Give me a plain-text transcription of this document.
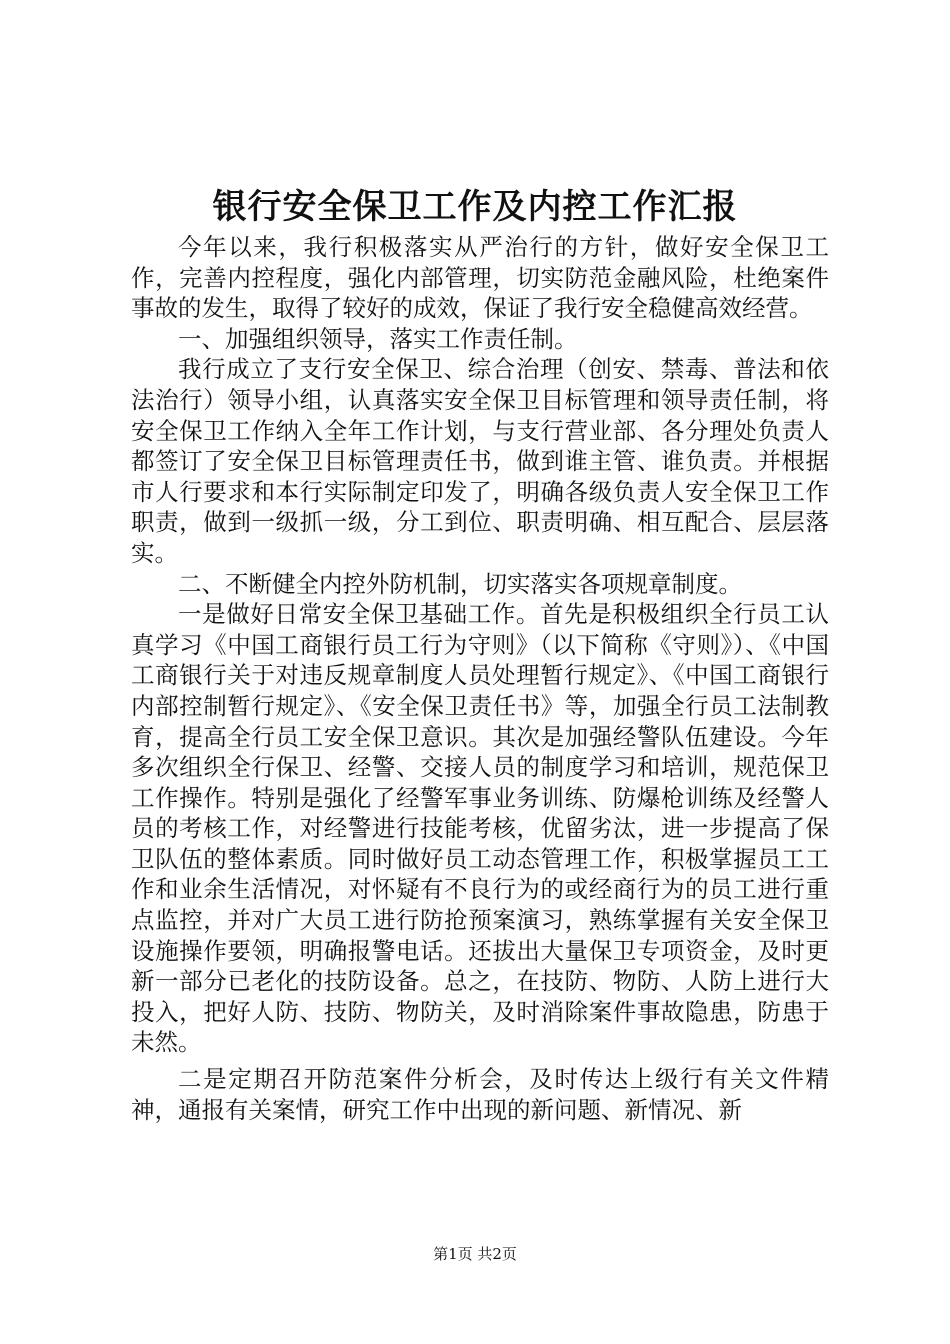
银行安全保卫工作及内控工作汇报

今年以来，我行积极落实从严治行的方针，做好安全保卫工作，完善内控程度，强化内部管理，切实防范金融风险，杜绝案件事故的发生，取得了较好的成效，保证了我行安全稳健高效经营。

一、加强组织领导，落实工作责任制。

我行成立了支行安全保卫、综合治理（创安、禁毒、普法和依法治行）领导小组，认真落实安全保卫目标管理和领导责任制，将安全保卫工作纳入全年工作计划，与支行营业部、各分理处负责人都签订了安全保卫目标管理责任书，做到谁主管、谁负责。并根据市人行要求和本行实际制定印发了，明确各级负责人安全保卫工作职责，做到一级抓一级，分工到位、职责明确、相互配合、层层落实。

二、不断健全内控外防机制，切实落实各项规章制度。

一是做好日常安全保卫基础工作。首先是积极组织全行员工认真学习《中国工商银行员工行为守则》（以下简称《守则》）、《中国工商银行关于对违反规章制度人员处理暂行规定》、《中国工商银行内部控制暂行规定》、《安全保卫责任书》等，加强全行员工法制教育，提高全行员工安全保卫意识。其次是加强经警队伍建设。今年多次组织全行保卫、经警、交接人员的制度学习和培训，规范保卫工作操作。特别是强化了经警军事业务训练、防爆枪训练及经警人员的考核工作，对经警进行技能考核，优留劣汰，进一步提高了保卫队伍的整体素质。同时做好员工动态管理工作，积极掌握员工工作和业余生活情况，对怀疑有不良行为的或经商行为的员工进行重点监控，并对广大员工进行防抢预案演习，熟练掌握有关安全保卫设施操作要领，明确报警电话。还拔出大量保卫专项资金，及时更新一部分已老化的技防设备。总之，在技防、物防、人防上进行大投入，把好人防、技防、物防关，及时消除案件事故隐患，防患于未然。

二是定期召开防范案件分析会，及时传达上级行有关文件精神，通报有关案情，研究工作中出现的新问题、新情况、新

第1页 共2页
